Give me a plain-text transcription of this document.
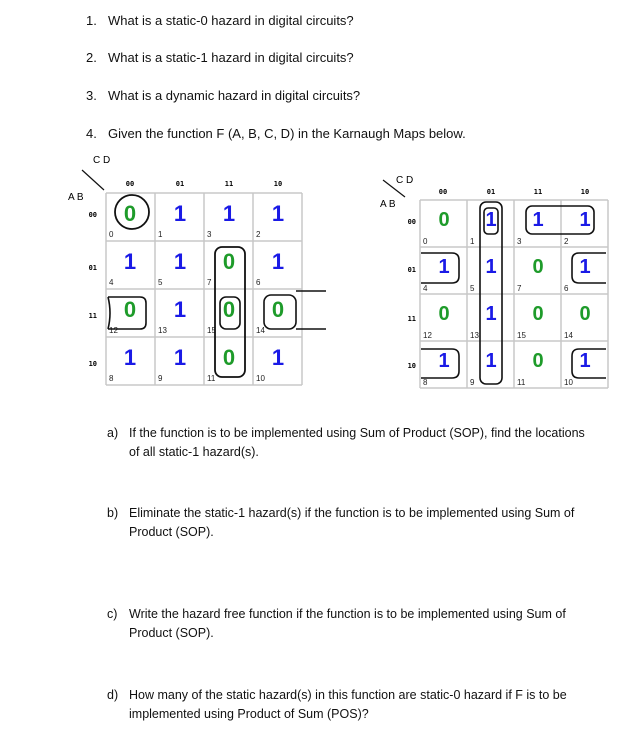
1. What is a static-0 hazard in digital circuits?
2. What is a static-1 hazard in digital circuits?
3. What is a dynamic hazard in digital circuits?
4. Given the function F (A, B, C, D) in the Karnaugh Maps below.
C D
A B
00	01	11	10
00
01
11
10
0	1	3	2
4	5	7	6
12	13	15	14
8	9	11	10
0 1 1 1
1 1 0 1
0 1 0 0
1 1 0 1
C D
A B
00	01	11	10
00
01
11
10
0	1	3	2
4	5	7	6
12	13	15	14
8	9	11	10
0 1 1 1
1 1 0 1
0 1 0 0
1 1 0 1
a) If the function is to be implemented using Sum of Product (SOP), find the locations of all static-1 hazard(s).
b) Eliminate the static-1 hazard(s) if the function is to be implemented using Sum of Product (SOP).
c) Write the hazard free function if the function is to be implemented using Sum of Product (SOP).
d) How many of the static hazard(s) in this function are static-0 hazard if F is to be implemented using Product of Sum (POS)?
